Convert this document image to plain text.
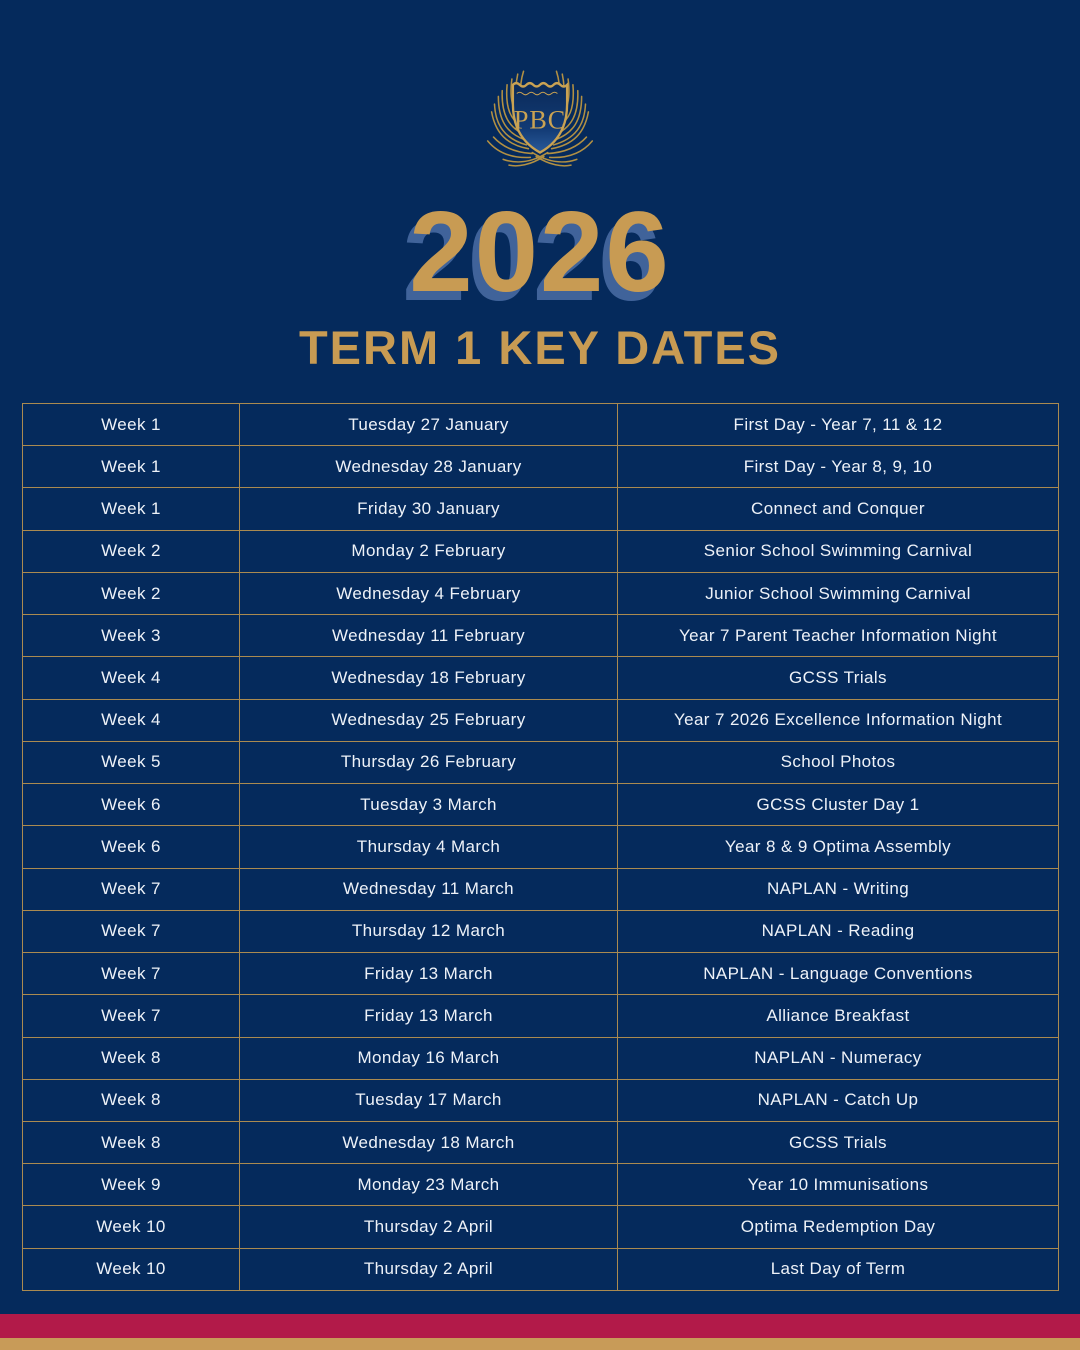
PBC
2026
TERM 1 KEY DATES
Week 1	Tuesday 27 January	First Day - Year 7, 11 & 12
Week 1	Wednesday 28 January	First Day - Year 8, 9, 10
Week 1	Friday 30 January	Connect and Conquer
Week 2	Monday 2 February	Senior School Swimming Carnival
Week 2	Wednesday 4 February	Junior School Swimming Carnival
Week 3	Wednesday 11 February	Year 7 Parent Teacher Information Night
Week 4	Wednesday 18 February	GCSS Trials
Week 4	Wednesday 25 February	Year 7 2026 Excellence Information Night
Week 5	Thursday 26 February	School Photos
Week 6	Tuesday 3 March	GCSS Cluster Day 1
Week 6	Thursday 4 March	Year 8 & 9 Optima Assembly
Week 7	Wednesday 11 March	NAPLAN - Writing
Week 7	Thursday 12 March	NAPLAN - Reading
Week 7	Friday 13 March	NAPLAN - Language Conventions
Week 7	Friday 13 March	Alliance Breakfast
Week 8	Monday 16 March	NAPLAN - Numeracy
Week 8	Tuesday 17 March	NAPLAN - Catch Up
Week 8	Wednesday 18 March	GCSS Trials
Week 9	Monday 23 March	Year 10 Immunisations
Week 10	Thursday 2 April	Optima Redemption Day
Week 10	Thursday 2 April	Last Day of Term
